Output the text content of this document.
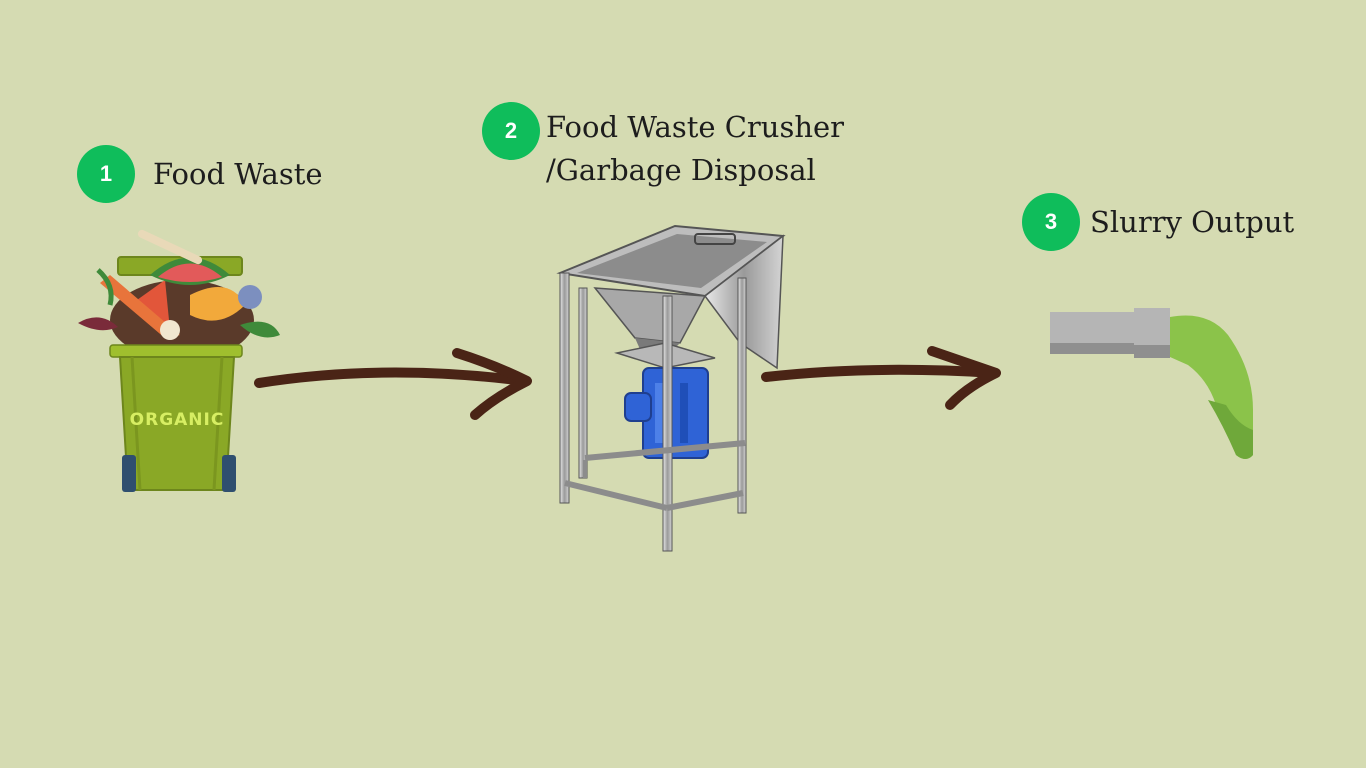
1	Food Waste
2 Food Waste Crusher
/Garbage Disposal
3	Slurry Output
ORGANIC
